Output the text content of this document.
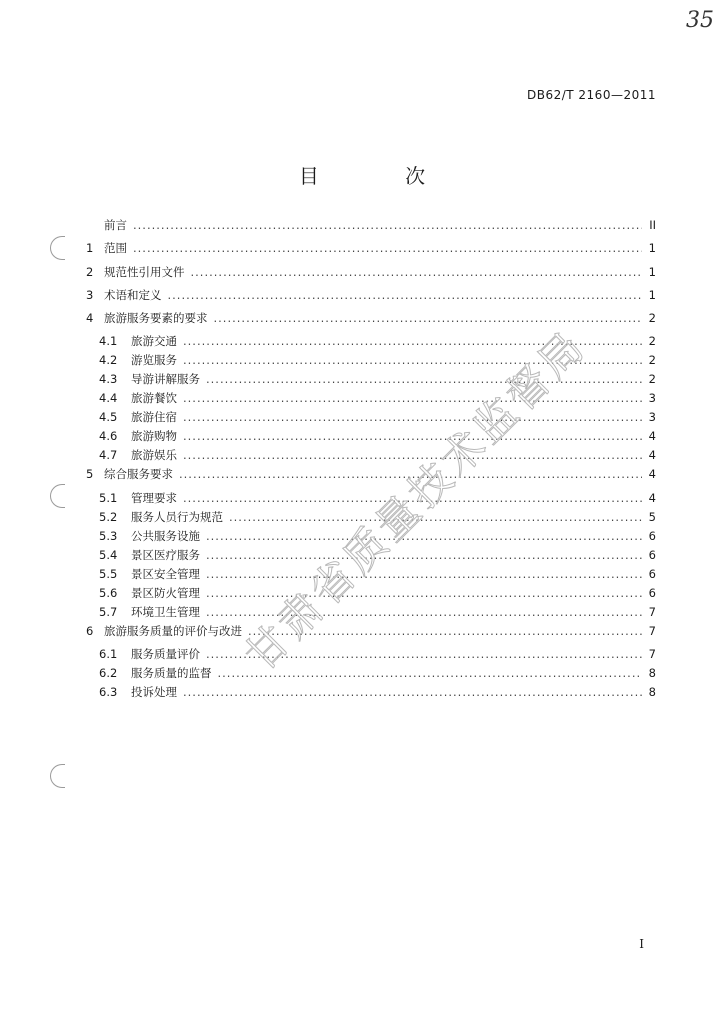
35
DB62/T 2160—2011
目 次
前言 .....	II
1 范围 .....	1
2 规范性引用文件 .....	1
3 术语和定义 .....	1
4 旅游服务要素的要求 .....	2
4.1	旅游交通 .....	2
4.2	游览服务 .....	2
4.3	导游讲解服务 .....	2
4.4	旅游餐饮 .....	3
4.5	旅游住宿 .....	3
4.6	旅游购物 .....	4
4.7	旅游娱乐 .....	4
5 综合服务要求 .....	4
5.1	管理要求 .....	4
5.2	服务人员行为规范 .....	5
5.3	公共服务设施 .....	6
5.4	景区医疗服务 .....	6
5.5	景区安全管理 .....	6
5.6	景区防火管理 .....	6
5.7	环境卫生管理 .....	7
6 旅游服务质量的评价与改进 .....	7
6.1	服务质量评价 .....	7
6.2	服务质量的监督 .....	8
6.3	投诉处理 .....	8
甘肃省质量技术监督局
I
